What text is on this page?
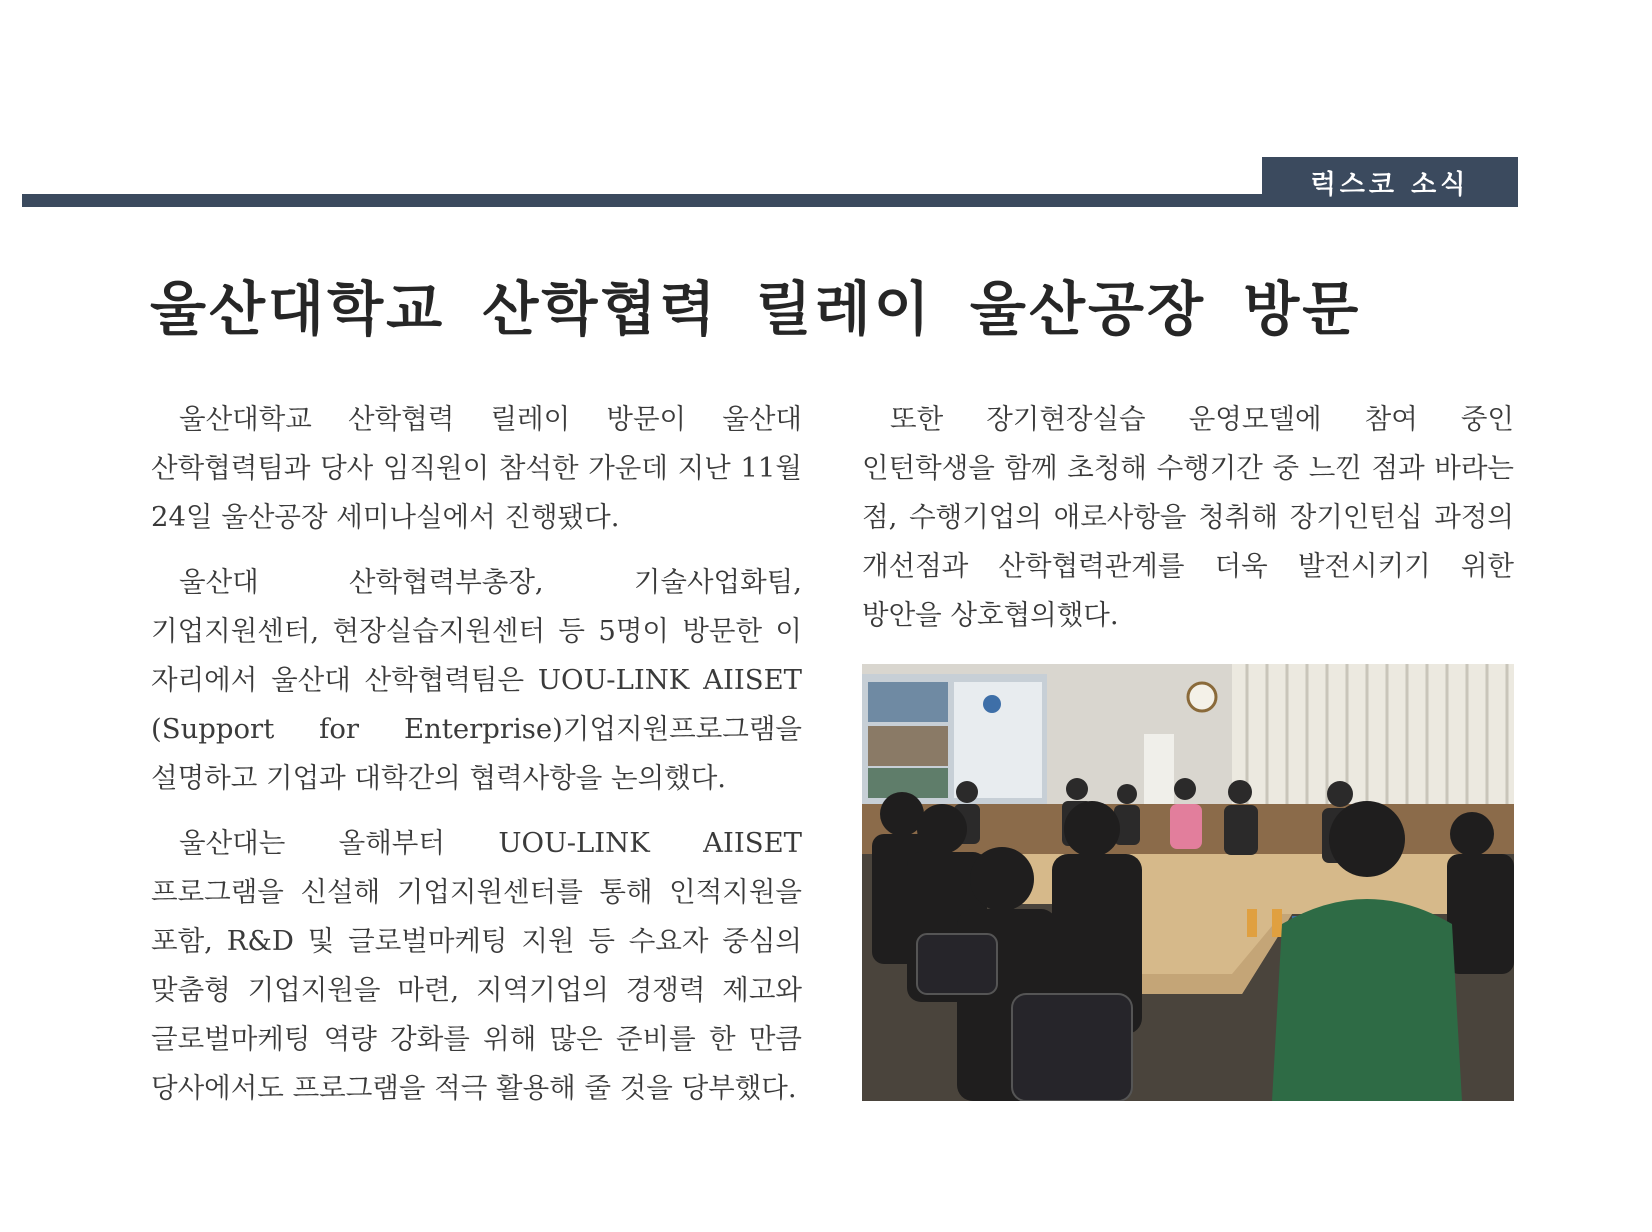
럭스코 소식
울산대학교 산학협력 릴레이 울산공장 방문

울산대학교 산학협력 릴레이 방문이 울산대 산학협력팀과 당사 임직원이 참석한 가운데 지난 11월 24일 울산공장 세미나실에서 진행됐다.

울산대 산학협력부총장, 기술사업화팀, 기업지원센터, 현장실습지원센터 등 5명이 방문한 이 자리에서 울산대 산학협력팀은 UOU-LINK AIISET (Support for Enterprise)기업지원프로그램을 설명하고 기업과 대학간의 협력사항을 논의했다.

울산대는 올해부터 UOU-LINK AIISET 프로그램을 신설해 기업지원센터를 통해 인적지원을 포함, R&D 및 글로벌마케팅 지원 등 수요자 중심의 맞춤형 기업지원을 마련, 지역기업의 경쟁력 제고와 글로벌마케팅 역량 강화를 위해 많은 준비를 한 만큼 당사에서도 프로그램을 적극 활용해 줄 것을 당부했다.

또한 장기현장실습 운영모델에 참여 중인 인턴학생을 함께 초청해 수행기간 중 느낀 점과 바라는 점, 수행기업의 애로사항을 청취해 장기인턴십 과정의 개선점과 산학협력관계를 더욱 발전시키기 위한 방안을 상호협의했다.
